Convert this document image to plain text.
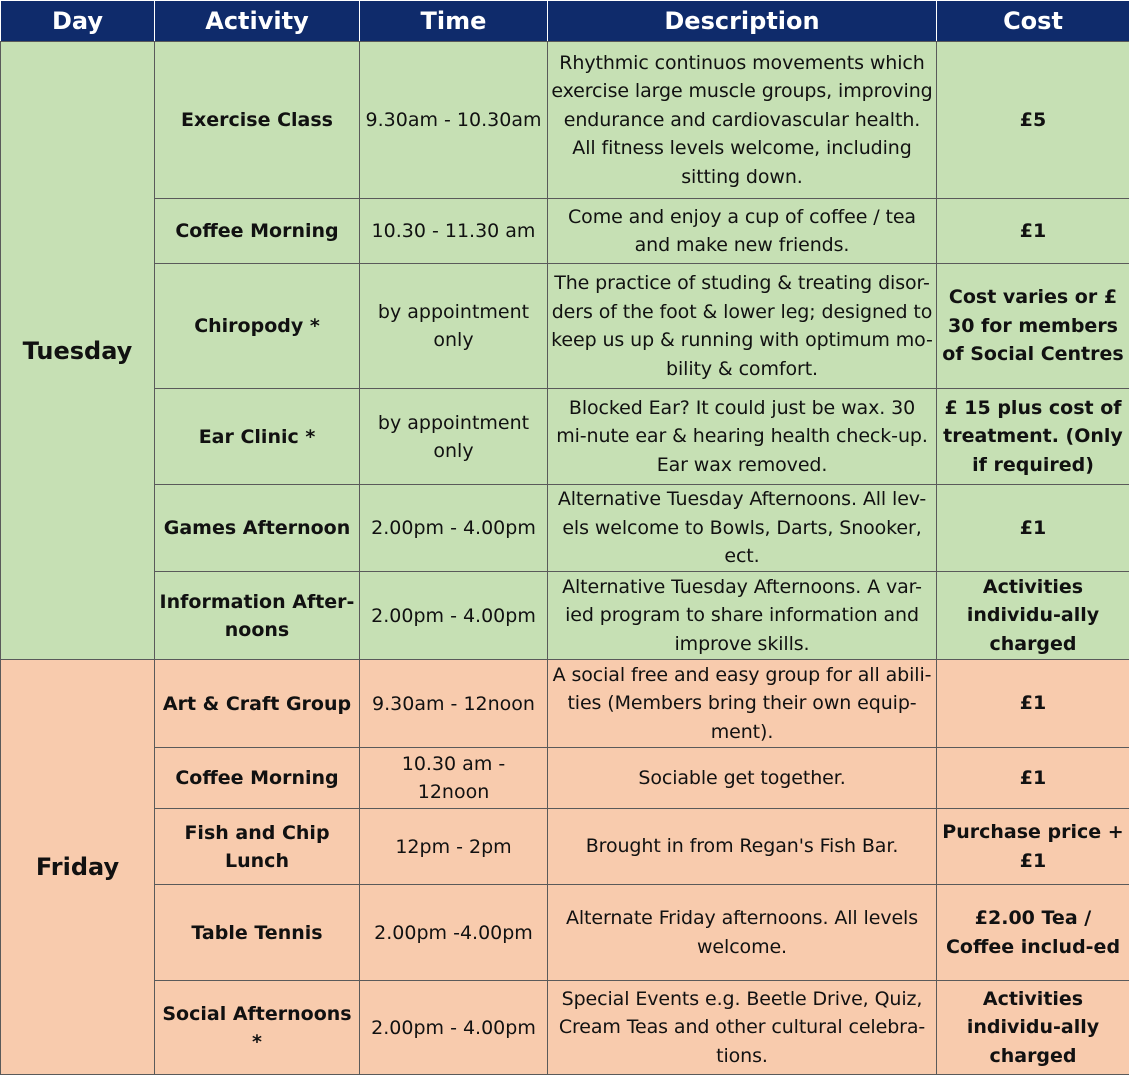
Day	Activity	Time	Description	Cost
Tuesday	Exercise Class	9.30am - 10.30am	Rhythmic continuos movements which exercise large muscle groups, improving endurance and cardiovascular health. All fitness levels welcome, including sitting down.	£5
	Coffee Morning	10.30 - 11.30 am	Come and enjoy a cup of coffee / tea and make new friends.	£1
	Chiropody *	by appointment only	The practice of studing & treating disor-ders of the foot & lower leg; designed to keep us up & running with optimum mo-bility & comfort.	Cost varies or £ 30 for members of Social Centres
	Ear Clinic *	by appointment only	Blocked Ear? It could just be wax. 30 mi-nute ear & hearing health check-up. Ear wax removed.	£ 15 plus cost of treatment. (Only if required)
	Games Afternoon	2.00pm - 4.00pm	Alternative Tuesday Afternoons. All lev-els welcome to Bowls, Darts, Snooker, ect.	£1
	Information After-noons	2.00pm - 4.00pm	Alternative Tuesday Afternoons. A var-ied program to share information and improve skills.	Activities individu-ally charged
Friday	Art & Craft Group	9.30am - 12noon	A social free and easy group for all abili-ties (Members bring their own equip-ment).	£1
	Coffee Morning	10.30 am - 12noon	Sociable get together.	£1
	Fish and Chip Lunch	12pm - 2pm	Brought in from Regan's Fish Bar.	Purchase price + £1
	Table Tennis	2.00pm -4.00pm	Alternate Friday afternoons. All levels welcome.	£2.00 Tea / Coffee includ-ed
	Social Afternoons *	2.00pm - 4.00pm	Special Events e.g. Beetle Drive, Quiz, Cream Teas and other cultural celebra-tions.	Activities individu-ally charged
